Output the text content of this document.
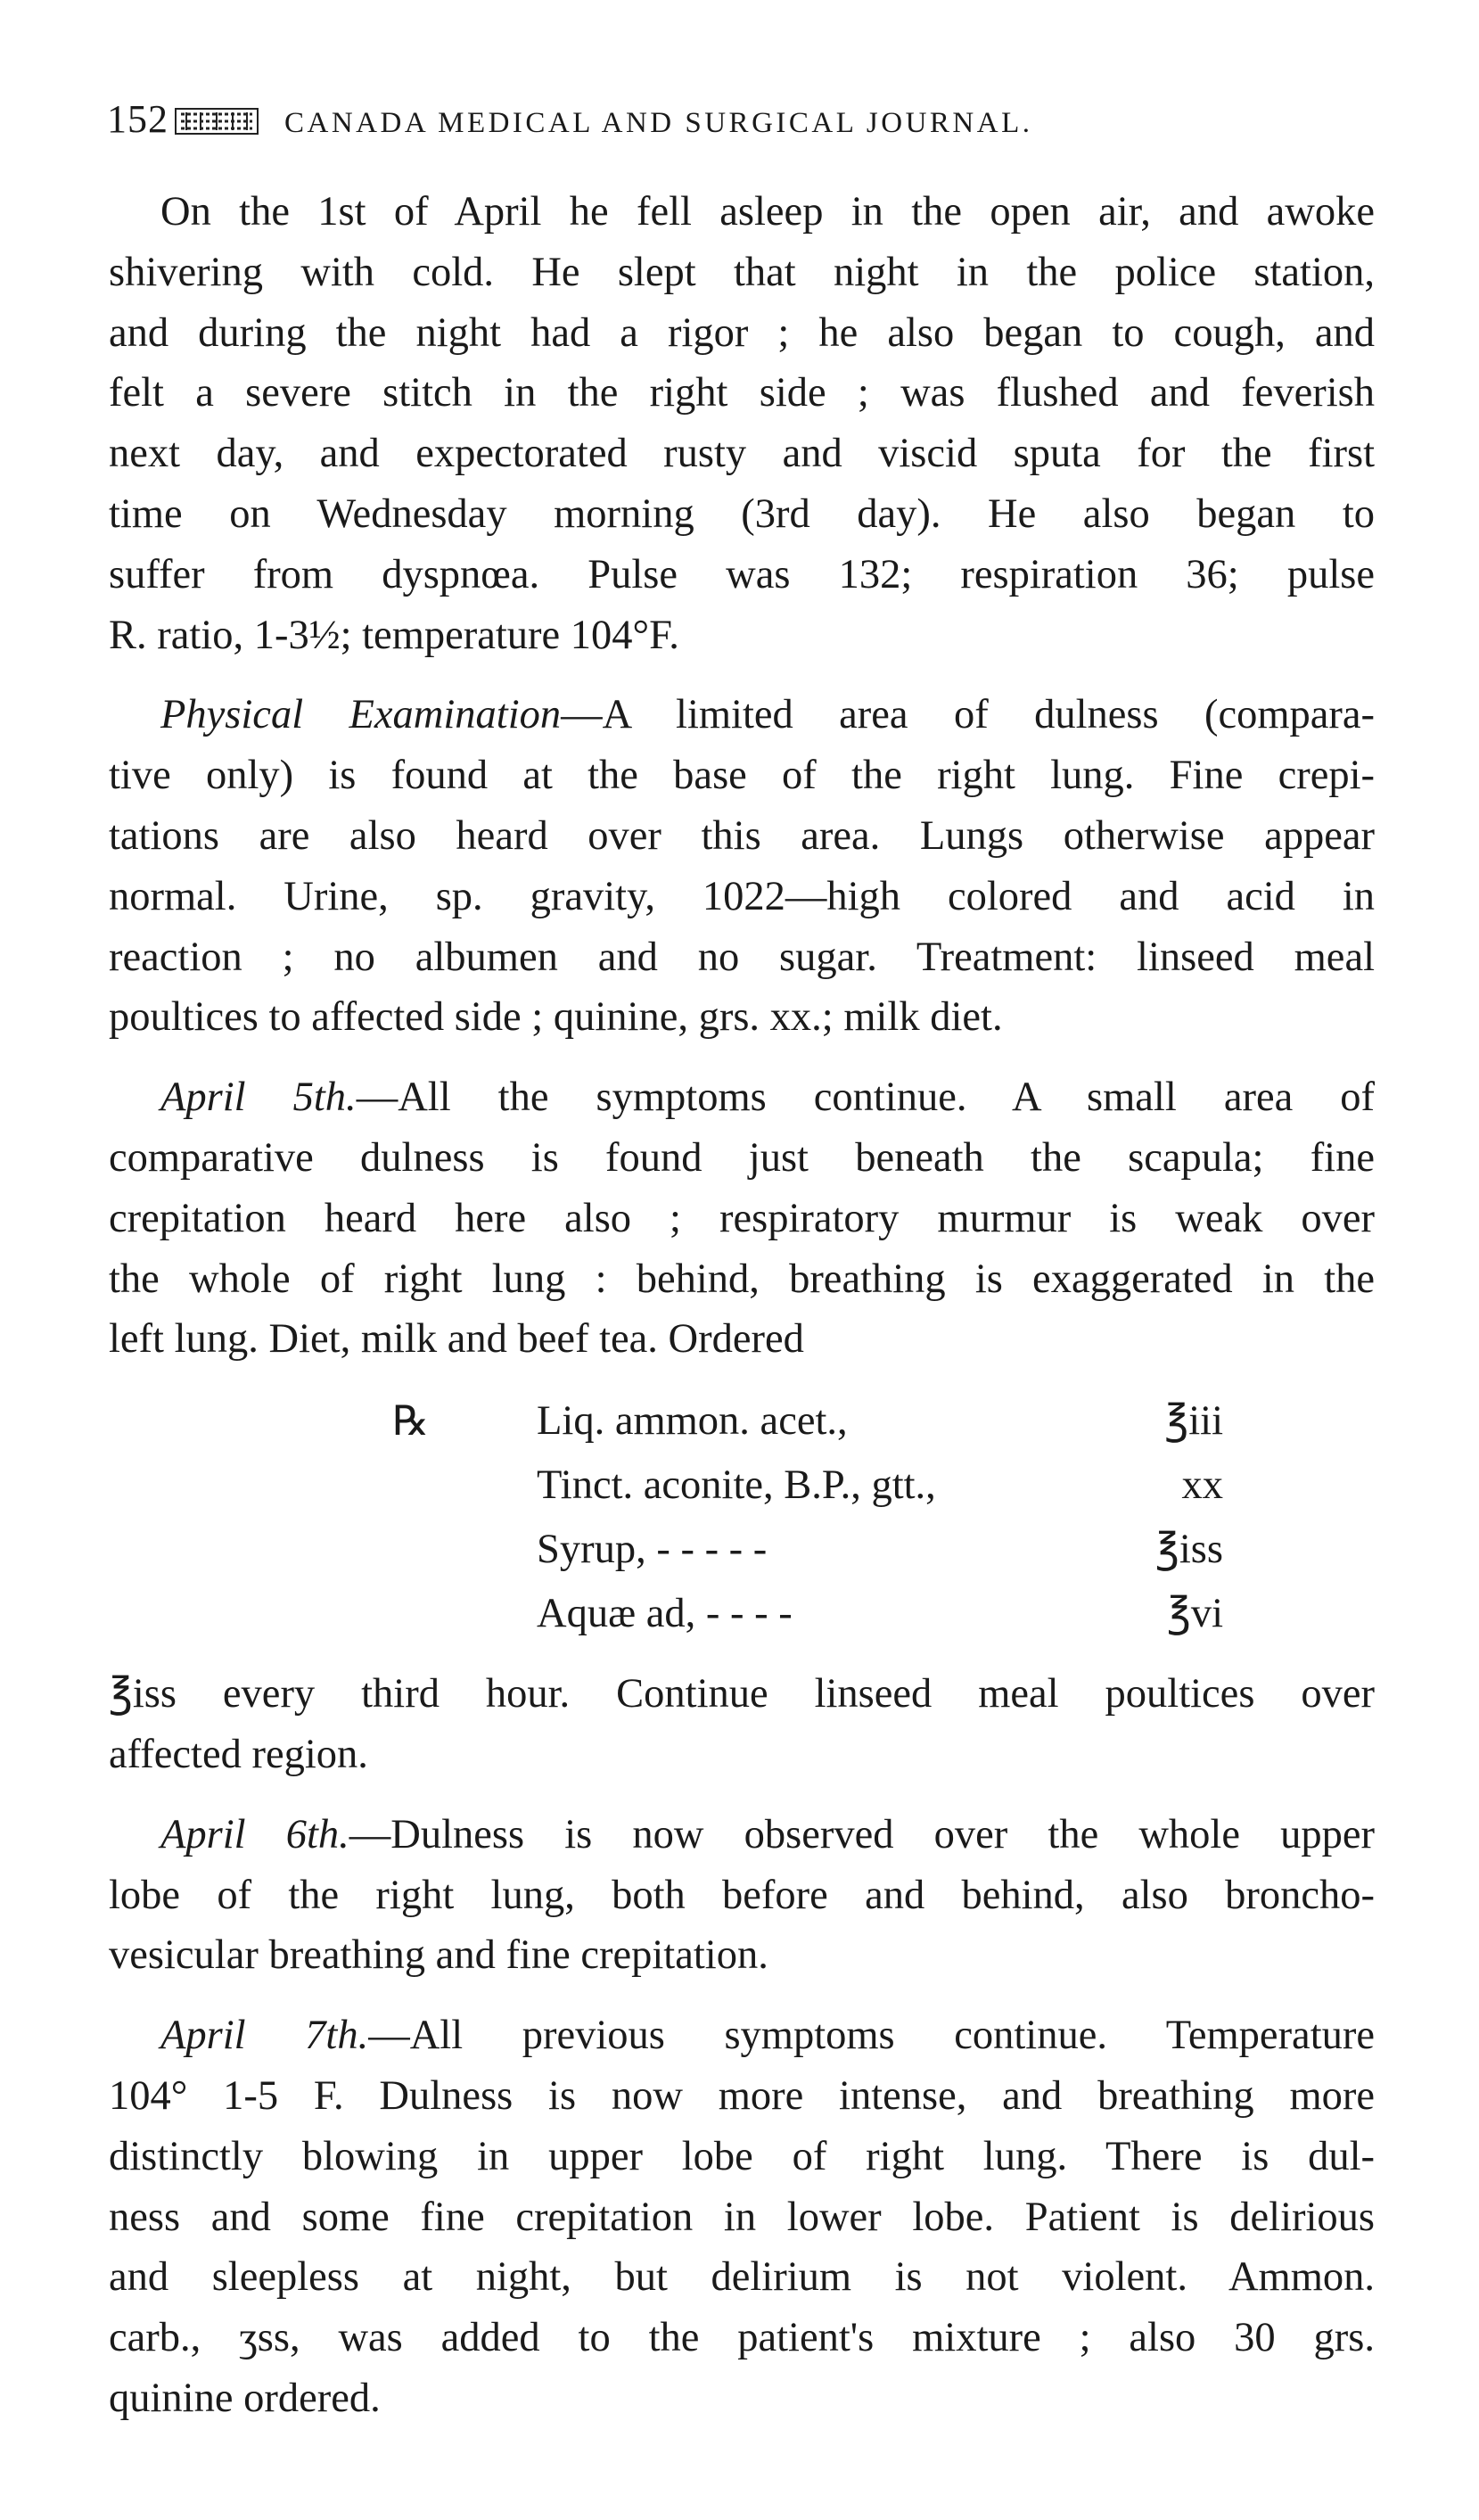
152	CANADA MEDICAL AND SURGICAL JOURNAL.

On the 1st of April he fell asleep in the open air, and awoke
shivering with cold. He slept that night in the police station,
and during the night had a rigor ; he also began to cough, and
felt a severe stitch in the right side ; was flushed and feverish
next day, and expectorated rusty and viscid sputa for the first
time on Wednesday morning (3rd day). He also began to
suffer from dyspnœa. Pulse was 132; respiration 36; pulse
R. ratio, 1-3½; temperature 104°F.

Physical Examination—A limited area of dulness (compara-
tive only) is found at the base of the right lung. Fine crepi-
tations are also heard over this area. Lungs otherwise appear
normal. Urine, sp. gravity, 1022—high colored and acid in
reaction ; no albumen and no sugar. Treatment: linseed meal
poultices to affected side ; quinine, grs. xx.; milk diet.

April 5th.—All the symptoms continue. A small area of
comparative dulness is found just beneath the scapula; fine
crepitation heard here also ; respiratory murmur is weak over
the whole of right lung : behind, breathing is exaggerated in the
left lung. Diet, milk and beef tea. Ordered

℞	Liq. ammon. acet.,	℥iii
Tinct. aconite, B.P., gtt.,	xx
Syrup, - - - - -	℥iss
Aquæ ad, - - - -	℥vi

℥iss every third hour. Continue linseed meal poultices over
affected region.

April 6th.—Dulness is now observed over the whole upper
lobe of the right lung, both before and behind, also broncho-
vesicular breathing and fine crepitation.

April 7th.—All previous symptoms continue. Temperature
104° 1-5 F. Dulness is now more intense, and breathing more
distinctly blowing in upper lobe of right lung. There is dul-
ness and some fine crepitation in lower lobe. Patient is delirious
and sleepless at night, but delirium is not violent. Ammon.
carb., ʒss, was added to the patient's mixture ; also 30 grs.
quinine ordered.
